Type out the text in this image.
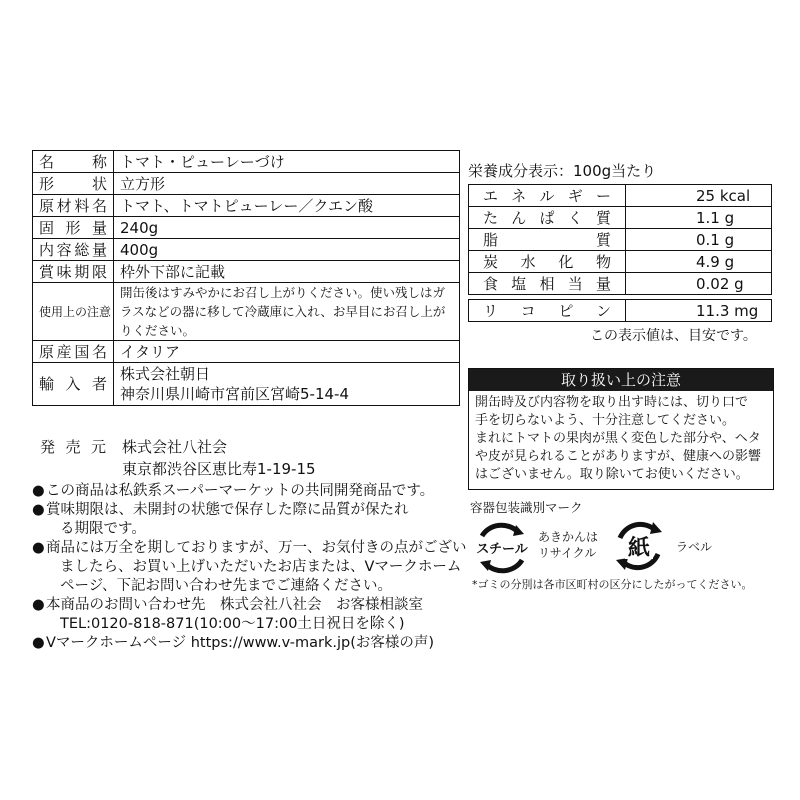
名 称	トマト・ピューレーづけ
形 状	立方形
原材料名	トマト、トマトピューレー／クエン酸
固 形 量	240g
内容総量	400g
賞味期限	枠外下部に記載
使用上の注意	開缶後はすみやかにお召し上がりください。使い残しはガラスなどの器に移して冷蔵庫に入れ、お早目にお召し上がりください。
原産国名	イタリア
輸 入 者	株式会社朝日
神奈川県川崎市宮前区宮崎5-14-4
発 売 元 株式会社八社会
東京都渋谷区恵比寿1-19-15

●この商品は私鉄系スーパーマーケットの共同開発商品です。

●賞味期限は、未開封の状態で保存した際に品質が保たれ
る期限です。

●商品には万全を期しておりますが、万一、お気付きの点がござい
ましたら、お買い上げいただいたお店または、Vマークホーム
ページ、下記お問い合わせ先までご連絡ください。

●本商品のお問い合わせ先　株式会社八社会　お客様相談室
TEL:0120-818-871(10:00～17:00土日祝日を除く)

●Vマークホームページ https://www.v-mark.jp(お客様の声)

栄養成分表示：100g当たり
エネルギー	25 kcal
たんぱく質	1.1 g
脂 質	0.1 g
炭 水 化 物	4.9 g
食塩相当量	0.02 g

リ コ ピ ン	11.3 mg
この表示値は、目安です。
取り扱い上の注意
開缶時及び内容物を取り出す時には、切り口で
手を切らないよう、十分注意してください。
まれにトマトの果肉が黒く変色した部分や、ヘタ
や皮が見られることがありますが、健康への影響
はございません。取り除いてお使いください。
容器包装識別マーク
スチール
あきかんは
リサイクル 紙 ラベル
*ゴミの分別は各市区町村の区分にしたがってください。
